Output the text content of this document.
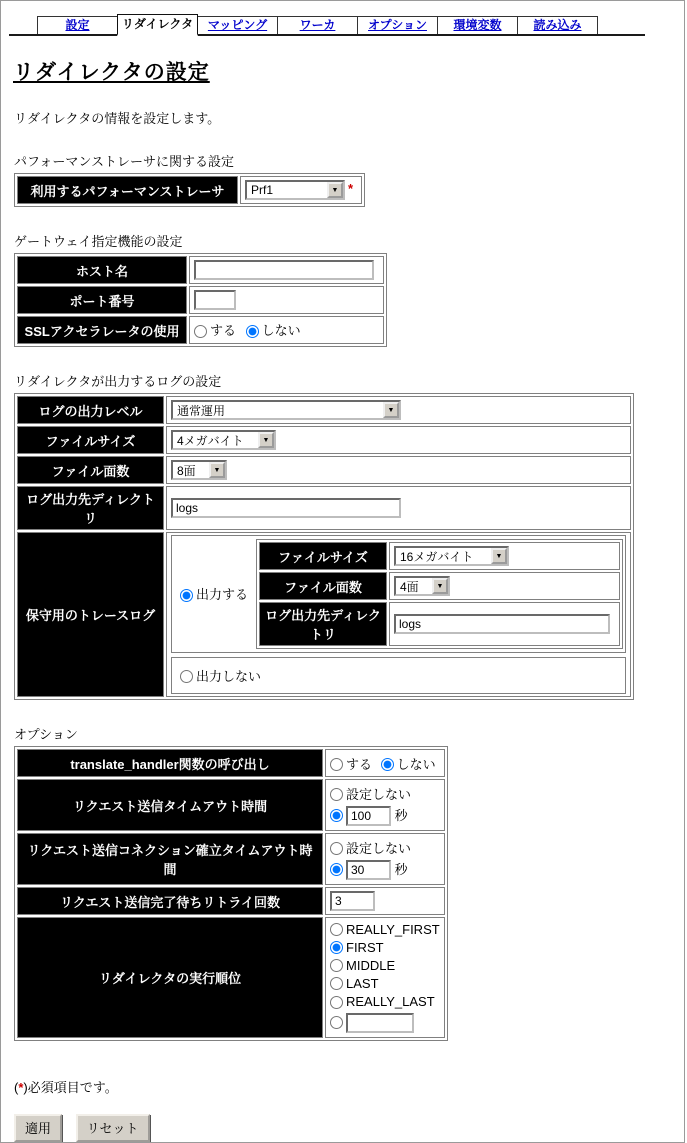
設定	リダイレクタ	マッピング	ワーカ	オプション	環境変数	読み込み
リダイレクタの設定

リダイレクタの情報を設定します。

パフォーマンストレーサに関する設定
利用するパフォーマンストレーサ	Prf1	▼ *
ゲートウェイ指定機能の設定
ホスト名	
ポート番号	
SSLアクセラレータの使用	する しない
リダイレクタが出力するログの設定
ログの出力レベル	通常運用	▼

ファイルサイズ	4メガバイト	▼

ファイル面数	8面	▼

ログ出力先ディレクトリ	logs
保守用のトレースログ	
出力する
ファイルサイズ	16メガバイト	▼

ファイル面数	4面	▼

ログ出力先ディレクトリ	logs
出力しない
オプション
translate_handler関数の呼び出し	する しない
リクエスト送信タイムアウト時間	設定しない
100 秒

リクエスト送信コネクション確立タイムアウト時間	設定しない
30 秒

リクエスト送信完了待ちリトライ回数	3
リダイレクタの実行順位	REALLY_FIRST
FIRST
MIDDLE
LAST
REALLY_LAST
(*)必須項目です。
適用	リセット
